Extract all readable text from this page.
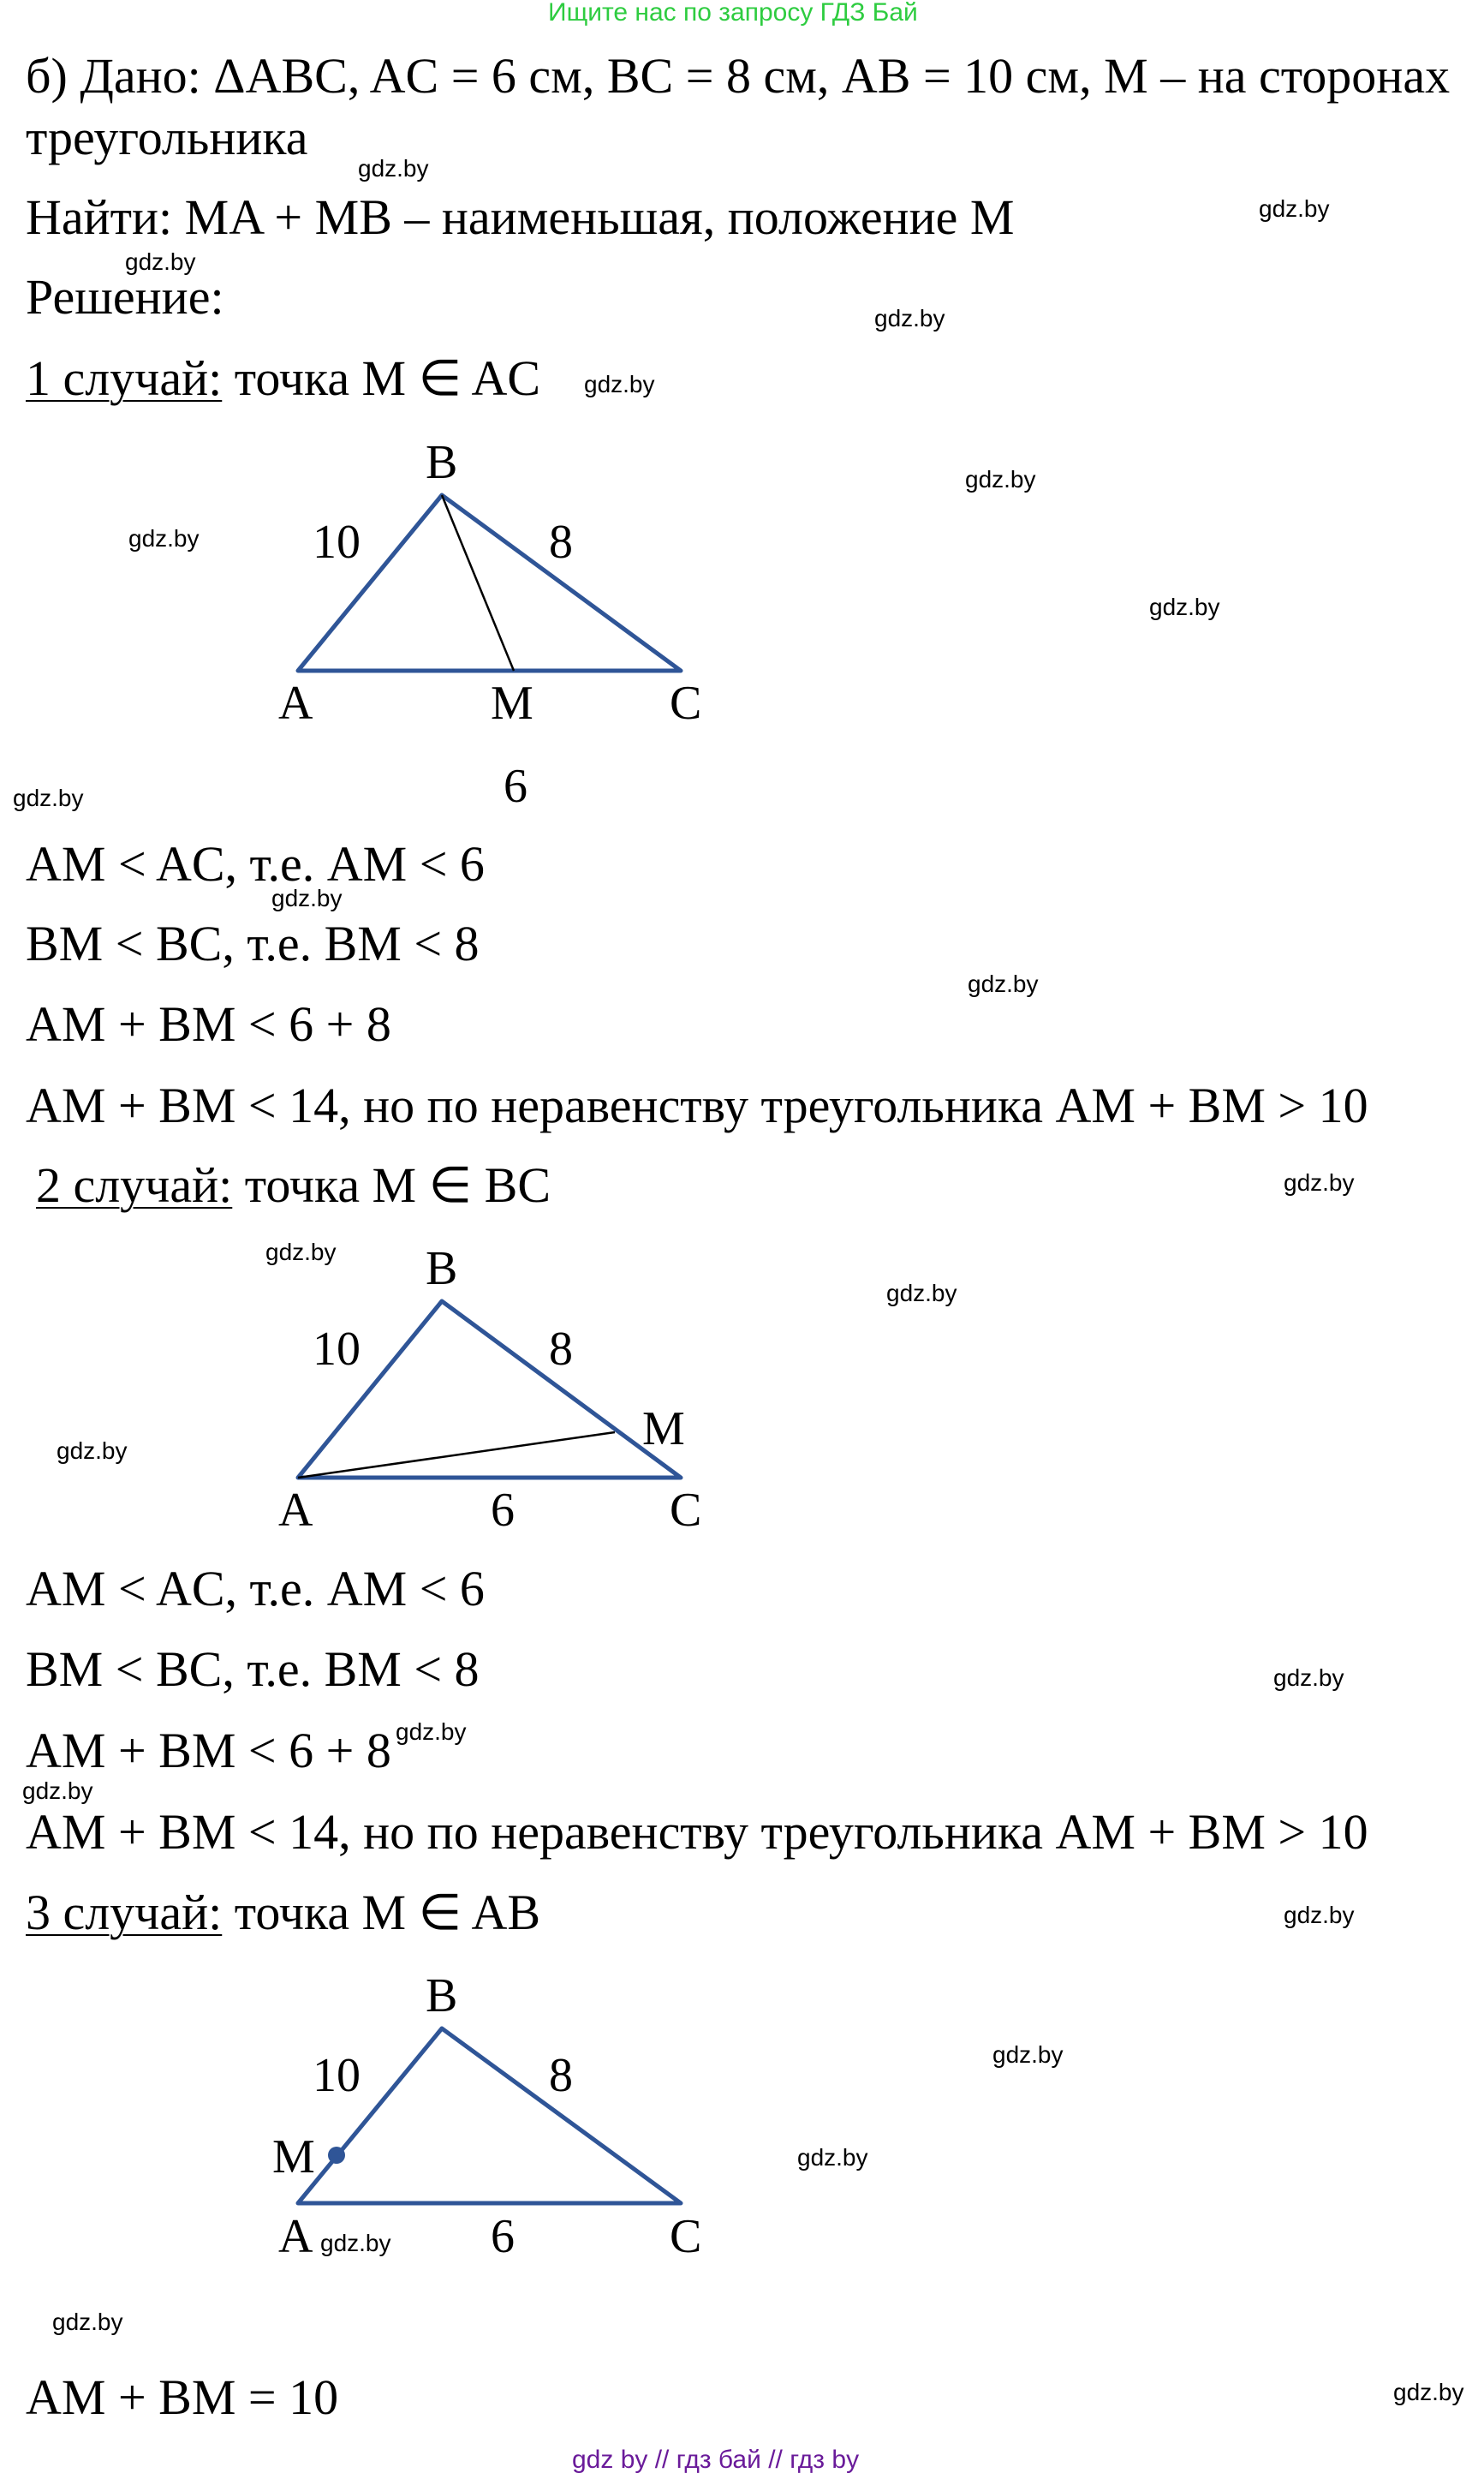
Ищите нас по запросу ГДЗ Бай
б) Дано: ΔABC, AC = 6 см, BC = 8 см, AB = 10 см, M – на сторонах
треугольника
Найти: MA + MB – наименьшая, положение M
Решение:
1 случай: точка M ∈ AC
B
10	8
A	M	C
6
AM < AC, т.е. AM < 6
BM < BC, т.е. BM < 8
AM + BM < 6 + 8
AM + BM < 14, но по неравенству треугольника AM + BM > 10
2 случай: точка M ∈ BC
B
10	8
M
A	6	C
AM < AC, т.е. AM < 6
BM < BC, т.е. BM < 8
AM + BM < 6 + 8
AM + BM < 14, но по неравенству треугольника AM + BM > 10
3 случай: точка M ∈ AB
B
10	8
M
A	6	C
AM + BM = 10
gdz.by
gdz.by
gdz.by
gdz.by
gdz.by
gdz.by
gdz.by
gdz.by
gdz.by
gdz.by
gdz.by
gdz.by
gdz.by
gdz.by
gdz.by
gdz.by
gdz.by
gdz.by
gdz.by
gdz.by
gdz.by
gdz.by
gdz.by
gdz.by
gdz by // гдз бай // гдз by
